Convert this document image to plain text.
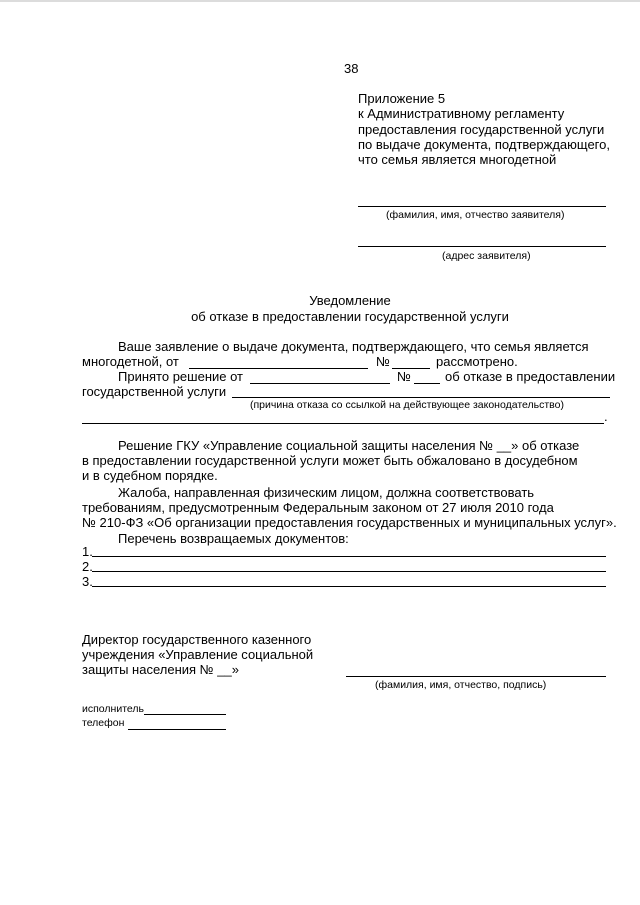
38
Приложение 5
к Административному регламенту
предоставления государственной услуги
по выдаче документа, подтверждающего,
что семья является многодетной
(фамилия, имя, отчество заявителя)
(адрес заявителя)
Уведомление
об отказе в предоставлении государственной услуги
Ваше заявление о выдаче документа, подтверждающего, что семья является
многодетной, от	№	рассмотрено.
Принято решение от	№	об отказе в предоставлении
государственной услуги
(причина отказа со ссылкой на действующее законодательство)
.
Решение ГКУ «Управление социальной защиты населения № __» об отказе
в предоставлении государственной услуги может быть обжаловано в досудебном
и в судебном порядке.
Жалоба, направленная физическим лицом, должна соответствовать
требованиям, предусмотренным Федеральным законом от 27 июля 2010 года
№ 210-ФЗ «Об организации предоставления государственных и муниципальных услуг».
Перечень возвращаемых документов:
1.
2.
3.
Директор государственного казенного
учреждения «Управление социальной
защиты населения № __»
(фамилия, имя, отчество, подпись)
исполнитель
телефон
